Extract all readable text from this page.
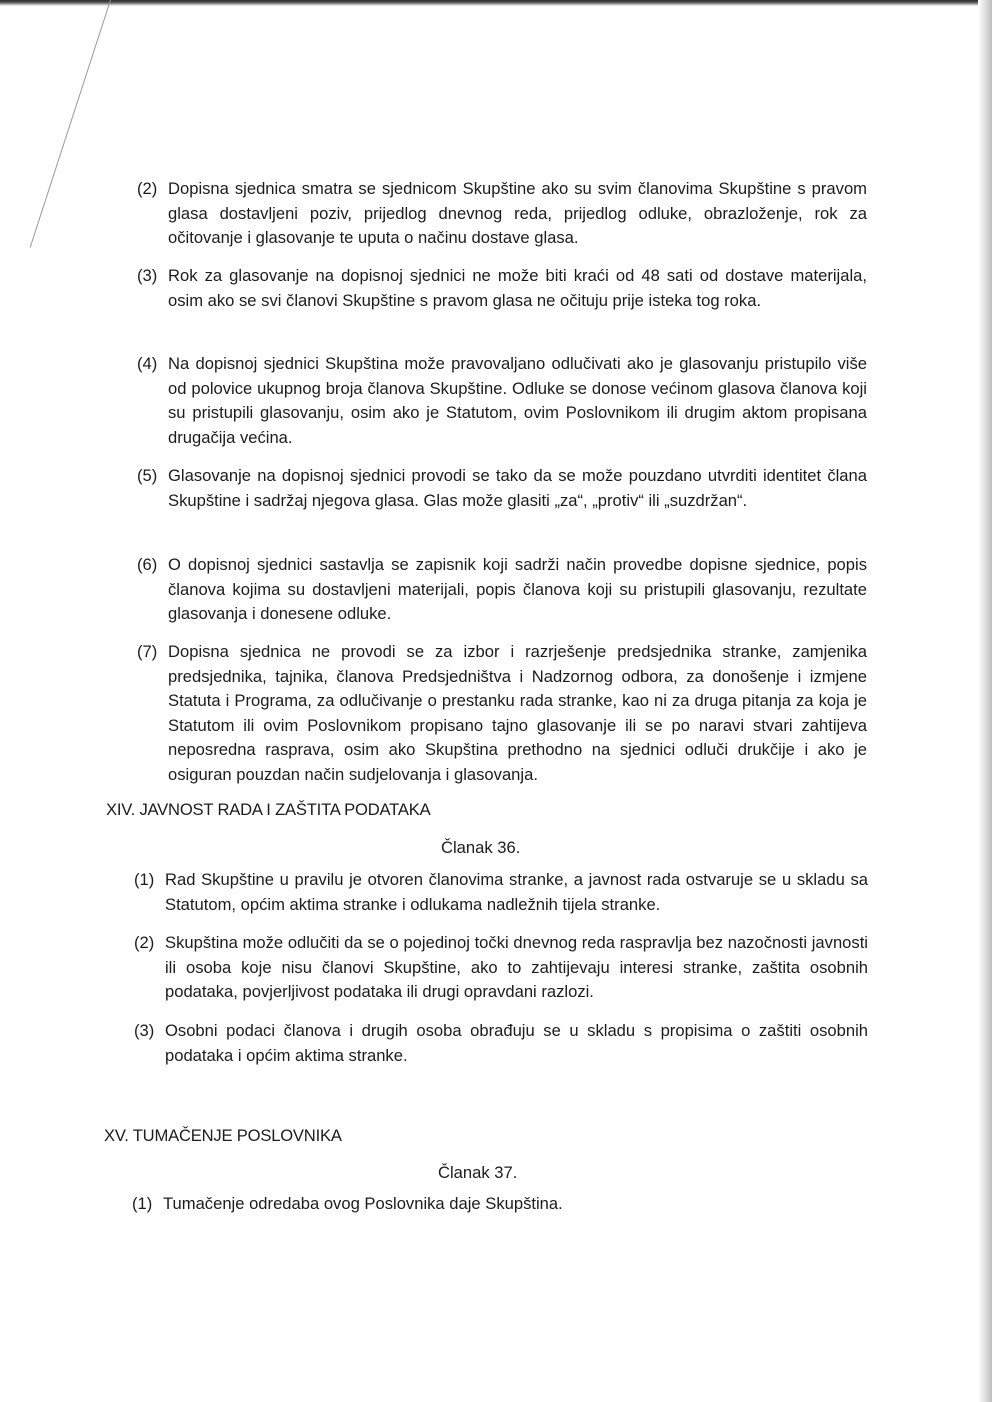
(2) Dopisna sjednica smatra se sjednicom Skupštine ako su svim članovima Skupštine s pravom glasa dostavljeni poziv, prijedlog dnevnog reda, prijedlog odluke, obrazloženje, rok za očitovanje i glasovanje te uputa o načinu dostave glasa.
(3) Rok za glasovanje na dopisnoj sjednici ne može biti kraći od 48 sati od dostave materijala, osim ako se svi članovi Skupštine s pravom glasa ne očituju prije isteka tog roka.
(4) Na dopisnoj sjednici Skupština može pravovaljano odlučivati ako je glasovanju pristupilo više od polovice ukupnog broja članova Skupštine. Odluke se donose većinom glasova članova koji su pristupili glasovanju, osim ako je Statutom, ovim Poslovnikom ili drugim aktom propisana drugačija većina.
(5) Glasovanje na dopisnoj sjednici provodi se tako da se može pouzdano utvrditi identitet člana Skupštine i sadržaj njegova glasa. Glas može glasiti „za“, „protiv“ ili „suzdržan“.
(6) O dopisnoj sjednici sastavlja se zapisnik koji sadrži način provedbe dopisne sjednice, popis članova kojima su dostavljeni materijali, popis članova koji su pristupili glasovanju, rezultate glasovanja i donesene odluke.
(7) Dopisna sjednica ne provodi se za izbor i razrješenje predsjednika stranke, zamjenika predsjednika, tajnika, članova Predsjedništva i Nadzornog odbora, za donošenje i izmjene Statuta i Programa, za odlučivanje o prestanku rada stranke, kao ni za druga pitanja za koja je Statutom ili ovim Poslovnikom propisano tajno glasovanje ili se po naravi stvari zahtijeva neposredna rasprava, osim ako Skupština prethodno na sjednici odluči drukčije i ako je osiguran pouzdan način sudjelovanja i glasovanja.
XIV. JAVNOST RADA I ZAŠTITA PODATAKA
Članak 36.
(1) Rad Skupštine u pravilu je otvoren članovima stranke, a javnost rada ostvaruje se u skladu sa Statutom, općim aktima stranke i odlukama nadležnih tijela stranke.
(2) Skupština može odlučiti da se o pojedinoj točki dnevnog reda raspravlja bez nazočnosti javnosti ili osoba koje nisu članovi Skupštine, ako to zahtijevaju interesi stranke, zaštita osobnih podataka, povjerljivost podataka ili drugi opravdani razlozi.
(3) Osobni podaci članova i drugih osoba obrađuju se u skladu s propisima o zaštiti osobnih podataka i općim aktima stranke.
XV. TUMAČENJE POSLOVNIKA
Članak 37.
(1) Tumačenje odredaba ovog Poslovnika daje Skupština.
